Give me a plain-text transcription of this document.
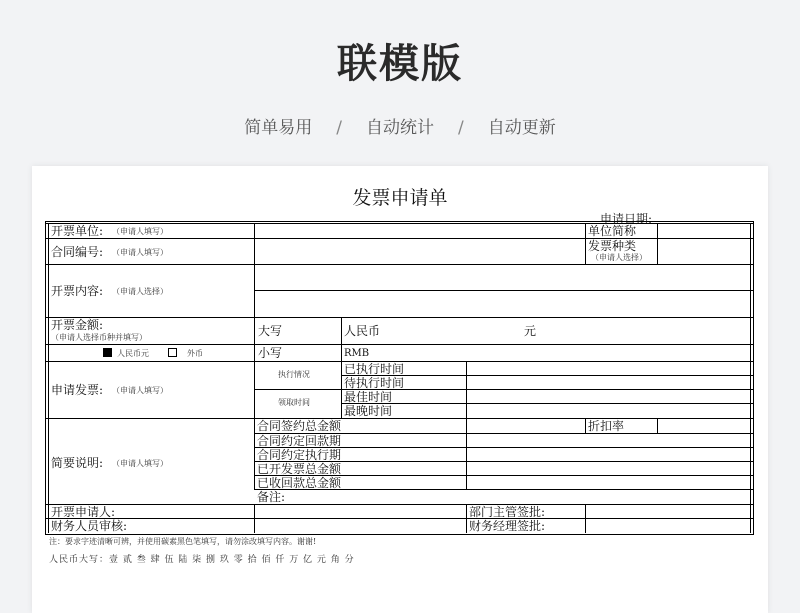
联模版
简单易用 / 自动统计 / 自动更新
发票申请单
申请日期:
开票单位: （申请人填写）	单位简称
合同编号: （申请人填写）	发票种类
（申请人选择）
开票内容: （申请人选择）
开票金额:
（申请人选择币种并填写）	大写	人民币	元
人民币元	外币	小写	RMB
申请发票: （申请人填写）
执行情况	已执行时间
待执行时间
领取时间	最佳时间
最晚时间
简要说明: （申请人填写）
合同签约总金额	折扣率
合同约定回款期
合同约定执行期
已开发票总金额
已收回款总金额
备注:
开票申请人:	部门主管签批:
财务人员审核:	财务经理签批:
注：要求字迹清晰可辨，并使用碳素黑色笔填写，请勿涂改填写内容。谢谢!
人民币大写：壹 贰 叁 肆 伍 陆 柒 捌 玖 零 拾 佰 仟 万 亿 元 角 分
